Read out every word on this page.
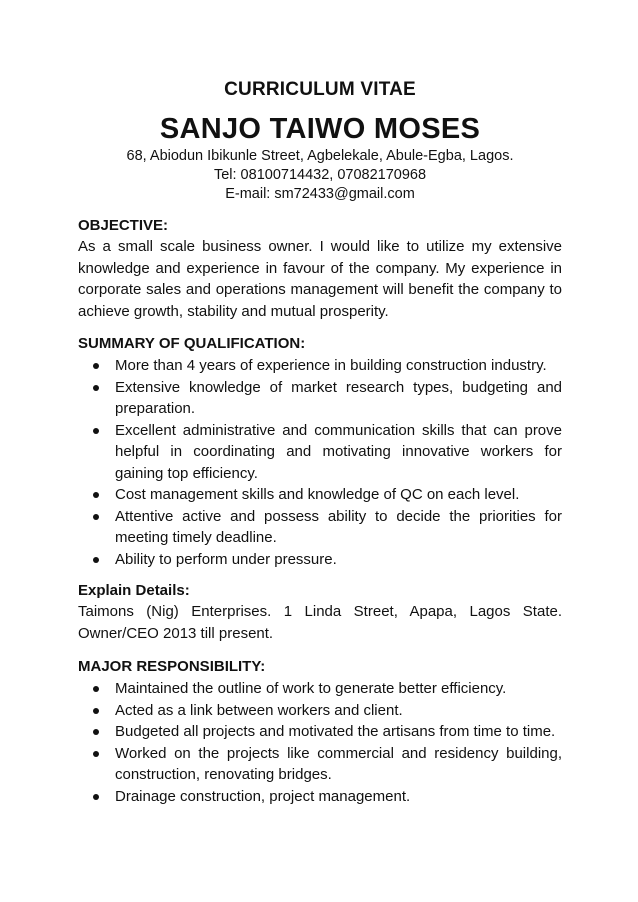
CURRICULUM VITAE
SANJO TAIWO MOSES
68, Abiodun Ibikunle Street, Agbelekale, Abule-Egba, Lagos.
Tel: 08100714432, 07082170968
E-mail: sm72433@gmail.com
OBJECTIVE:
As a small scale business owner. I would like to utilize my extensive knowledge and experience in favour of the company. My experience in corporate sales and operations management will benefit the company to achieve growth, stability and mutual prosperity.
SUMMARY OF QUALIFICATION:
More than 4 years of experience in building construction industry.
Extensive knowledge of market research types, budgeting and preparation.
Excellent administrative and communication skills that can prove helpful in coordinating and motivating innovative workers for gaining top efficiency.
Cost management skills and knowledge of QC on each level.
Attentive active and possess ability to decide the priorities for meeting timely deadline.
Ability to perform under pressure.
Explain Details:
Taimons (Nig) Enterprises. 1 Linda Street, Apapa, Lagos State. Owner/CEO 2013 till present.
MAJOR RESPONSIBILITY:
Maintained the outline of work to generate better efficiency.
Acted as a link between workers and client.
Budgeted all projects and motivated the artisans from time to time.
Worked on the projects like commercial and residency building, construction, renovating bridges.
Drainage construction, project management.
